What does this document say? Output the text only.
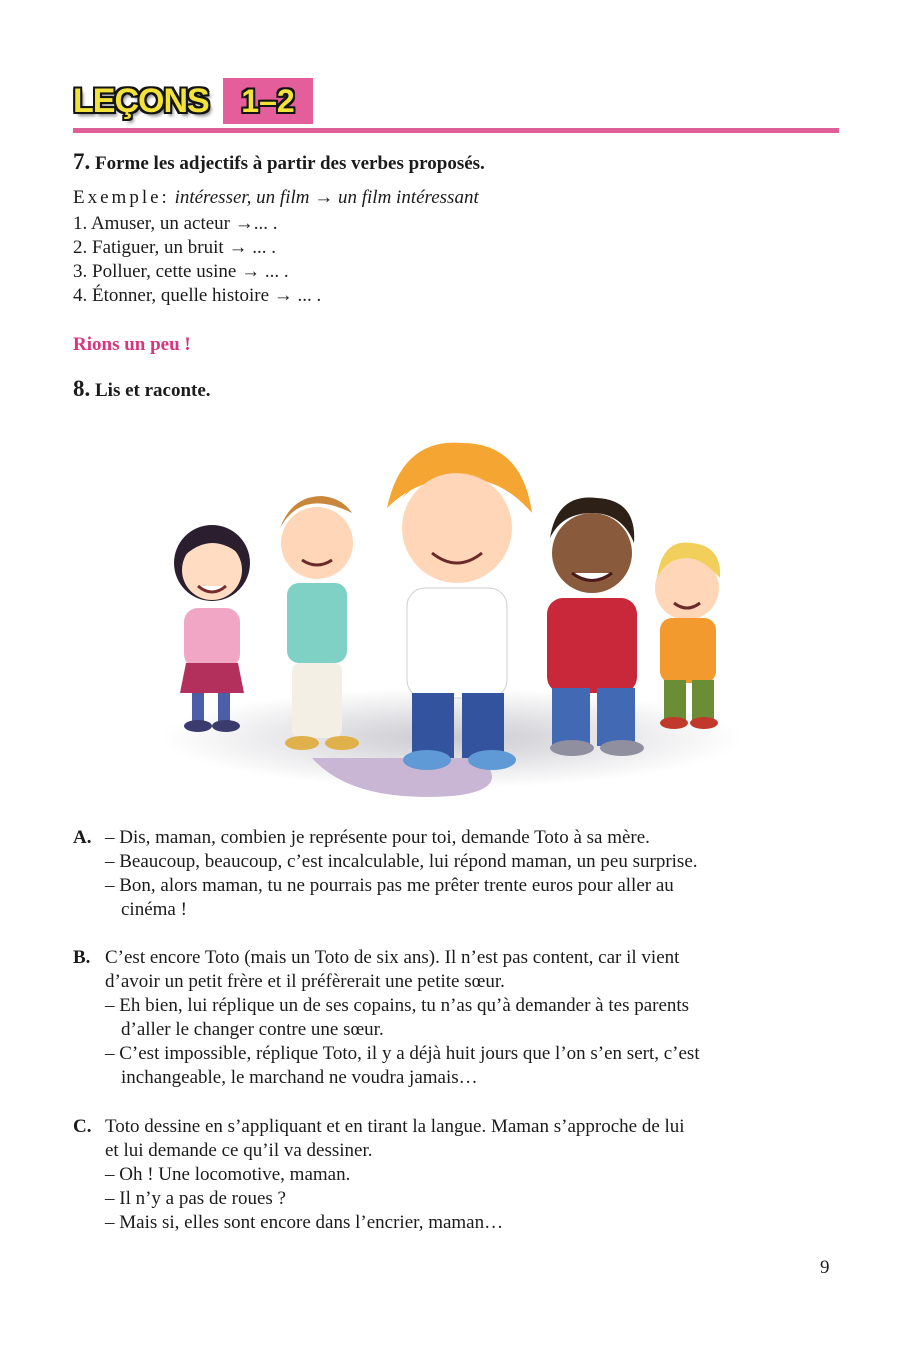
LEÇONS	1–2
7. Forme les adjectifs à partir des verbes proposés.
Exemple: intéresser, un film → un film intéressant
1. Amuser, un acteur →... .
2. Fatiguer, un bruit → ... .
3. Polluer, cette usine → ... .
4. Étonner, quelle histoire → ... .
Rions un peu !
8. Lis et raconte.
A. – Dis, maman, combien je représente pour toi, demande Toto à sa mère.
– Beaucoup, beaucoup, c’est incalculable, lui répond maman, un peu surprise.
– Bon, alors maman, tu ne pourrais pas me prêter trente euros pour aller au
cinéma !
B. C’est encore Toto (mais un Toto de six ans). Il n’est pas content, car il vient
d’avoir un petit frère et il préfèrerait une petite sœur.
– Eh bien, lui réplique un de ses copains, tu n’as qu’à demander à tes parents
d’aller le changer contre une sœur.
– C’est impossible, réplique Toto, il y a déjà huit jours que l’on s’en sert, c’est
inchangeable, le marchand ne voudra jamais…
C. Toto dessine en s’appliquant et en tirant la langue. Maman s’approche de lui
et lui demande ce qu’il va dessiner.
– Oh ! Une locomotive, maman.
– Il n’y a pas de roues ?
– Mais si, elles sont encore dans l’encrier, maman…
9
